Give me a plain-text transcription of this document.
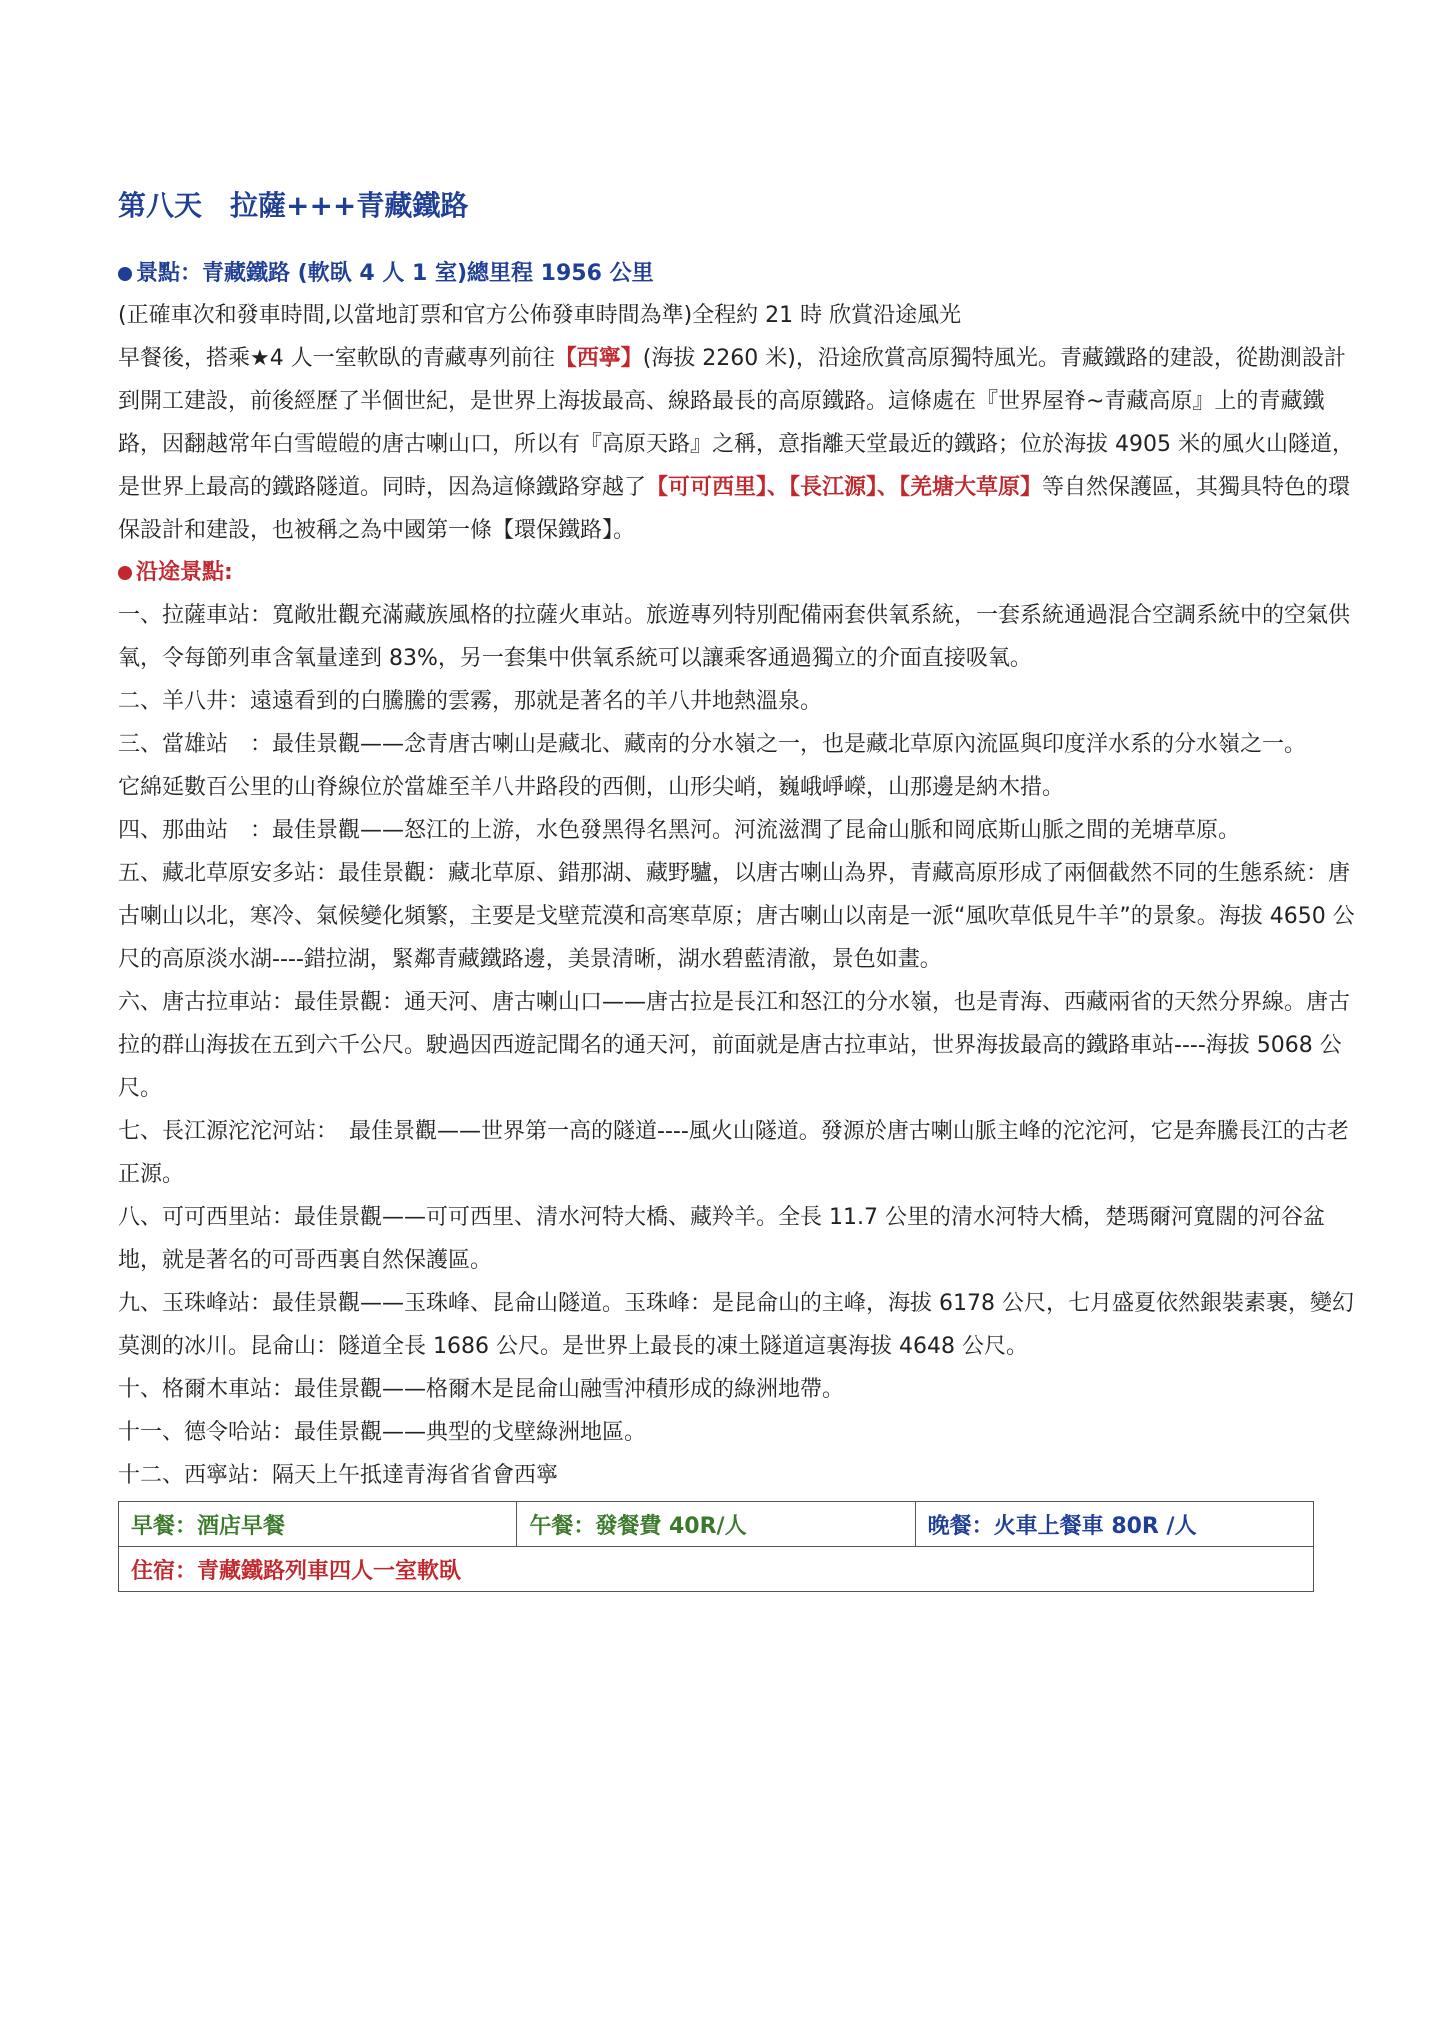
第八天　拉薩+++青藏鐵路
景點：青藏鐵路 (軟臥 4 人 1 室)總里程 1956 公里

(正確車次和發車時間,以當地訂票和官方公佈發車時間為準)全程約 21 時 欣賞沿途風光

早餐後，搭乘★4 人一室軟臥的青藏專列前往【西寧】(海拔 2260 米)，沿途欣賞高原獨特風光。青藏鐵路的建設，從勘測設計到開工建設，前後經歷了半個世紀，是世界上海拔最高、線路最長的高原鐵路。這條處在『世界屋脊~青藏高原』上的青藏鐵路，因翻越常年白雪皚皚的唐古喇山口，所以有『高原天路』之稱，意指離天堂最近的鐵路；位於海拔 4905 米的風火山隧道，是世界上最高的鐵路隧道。同時，因為這條鐵路穿越了【可可西里】、【長江源】、【羌塘大草原】等自然保護區，其獨具特色的環保設計和建設，也被稱之為中國第一條【環保鐵路】。

沿途景點:

一、拉薩車站：寬敞壯觀充滿藏族風格的拉薩火車站。旅遊專列特別配備兩套供氧系統，一套系統通過混合空調系統中的空氣供氧，令每節列車含氧量達到 83%，另一套集中供氧系統可以讓乘客通過獨立的介面直接吸氧。

二、羊八井：遠遠看到的白騰騰的雲霧，那就是著名的羊八井地熱溫泉。

三、當雄站　：最佳景觀——念青唐古喇山是藏北、藏南的分水嶺之一，也是藏北草原內流區與印度洋水系的分水嶺之一。

它綿延數百公里的山脊線位於當雄至羊八井路段的西側，山形尖峭，巍峨崢嶸，山那邊是納木措。

四、那曲站　：最佳景觀——怒江的上游，水色發黑得名黑河。河流滋潤了昆侖山脈和岡底斯山脈之間的羌塘草原。

五、藏北草原安多站：最佳景觀：藏北草原、錯那湖、藏野驢，以唐古喇山為界，青藏高原形成了兩個截然不同的生態系統：唐古喇山以北，寒冷、氣候變化頻繁，主要是戈壁荒漠和高寒草原；唐古喇山以南是一派“風吹草低見牛羊”的景象。海拔 4650 公尺的高原淡水湖----錯拉湖，緊鄰青藏鐵路邊，美景清晰，湖水碧藍清澈，景色如畫。

六、唐古拉車站：最佳景觀：通天河、唐古喇山口——唐古拉是長江和怒江的分水嶺，也是青海、西藏兩省的天然分界線。唐古拉的群山海拔在五到六千公尺。駛過因西遊記聞名的通天河，前面就是唐古拉車站，世界海拔最高的鐵路車站----海拔 5068 公尺。

七、長江源沱沱河站：　最佳景觀——世界第一高的隧道----風火山隧道。發源於唐古喇山脈主峰的沱沱河，它是奔騰長江的古老正源。

八、可可西里站：最佳景觀——可可西里、清水河特大橋、藏羚羊。全長 11.7 公里的清水河特大橋，楚瑪爾河寬闊的河谷盆地，就是著名的可哥西裏自然保護區。

九、玉珠峰站：最佳景觀——玉珠峰、昆侖山隧道。玉珠峰：是昆侖山的主峰，海拔 6178 公尺，七月盛夏依然銀裝素裹，變幻莫測的冰川。昆侖山：隧道全長 1686 公尺。是世界上最長的凍土隧道這裏海拔 4648 公尺。

十、格爾木車站：最佳景觀——格爾木是昆侖山融雪沖積形成的綠洲地帶。

十一、德令哈站：最佳景觀——典型的戈壁綠洲地區。

十二、西寧站：隔天上午抵達青海省省會西寧

早餐：酒店早餐	午餐：發餐費 40R/人	晚餐：火車上餐車 80R /人
住宿：青藏鐵路列車四人一室軟臥
